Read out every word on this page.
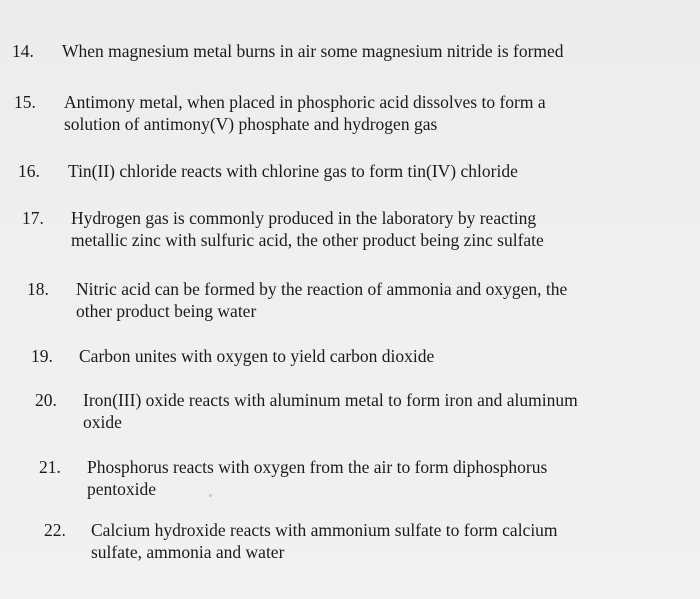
14. When magnesium metal burns in air some magnesium nitride is formed
15. Antimony metal, when placed in phosphoric acid dissolves to form a
solution of antimony(V) phosphate and hydrogen gas
16. Tin(II) chloride reacts with chlorine gas to form tin(IV) chloride
17. Hydrogen gas is commonly produced in the laboratory by reacting
metallic zinc with sulfuric acid, the other product being zinc sulfate
18. Nitric acid can be formed by the reaction of ammonia and oxygen, the
other product being water
19. Carbon unites with oxygen to yield carbon dioxide
20. Iron(III) oxide reacts with aluminum metal to form iron and aluminum
oxide
21. Phosphorus reacts with oxygen from the air to form diphosphorus
pentoxide
22. Calcium hydroxide reacts with ammonium sulfate to form calcium
sulfate, ammonia and water
